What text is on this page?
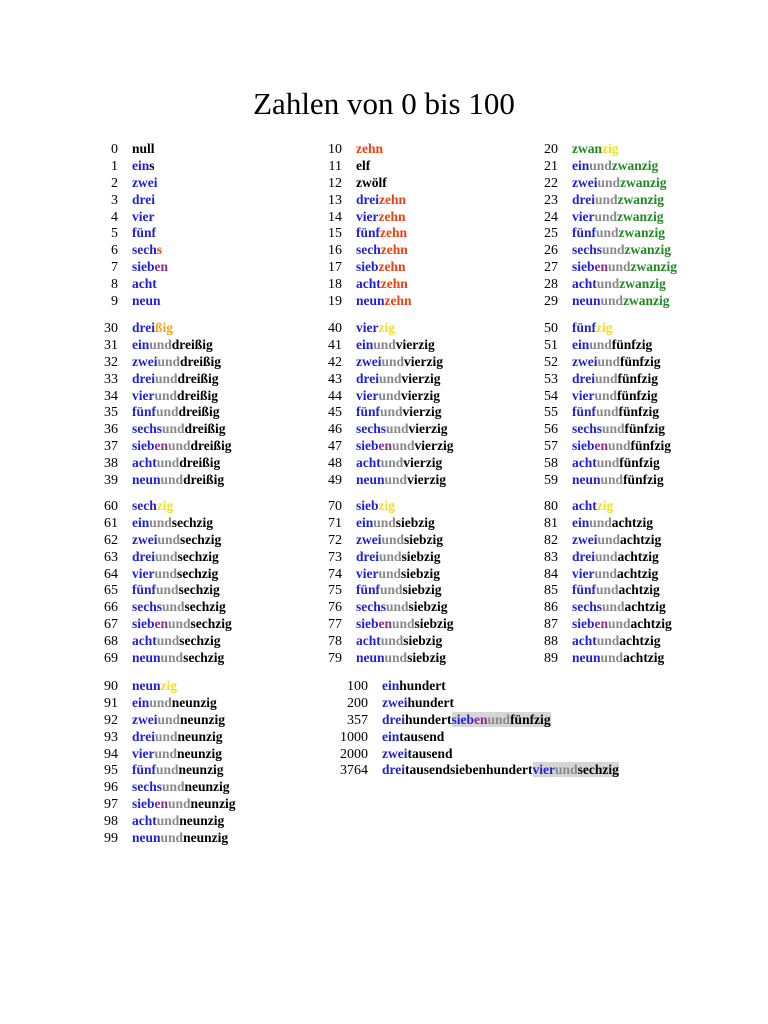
Zahlen von 0 bis 100
0 null
1 eins
2 zwei
3 drei
4 vier
5 fünf
6 sechs
7 sieben
8 acht
9 neun
10 zehn
11 elf
12 zwölf
13 dreizehn
14 vierzehn
15 fünfzehn
16 sechzehn
17 siebzehn
18 achtzehn
19 neunzehn
20 zwanzig
21 einundzwanzig
22 zweiundzwanzig
23 dreiundzwanzig
24 vierundzwanzig
25 fünfundzwanzig
26 sechsundzwanzig
27 siebenundzwanzig
28 achtundzwanzig
29 neunundzwanzig
30 dreißig
31 einunddreißig
32 zweiunddreißig
33 dreiunddreißig
34 vierunddreißig
35 fünfunddreißig
36 sechsunddreißig
37 siebenunddreißig
38 achtunddreißig
39 neununddreißig
40 vierzig
41 einundvierzig
42 zweiundvierzig
43 dreiundvierzig
44 vierundvierzig
45 fünfundvierzig
46 sechsundvierzig
47 siebenundvierzig
48 achtundvierzig
49 neunundvierzig
50 fünfzig
51 einundfünfzig
52 zweiundfünfzig
53 dreiundfünfzig
54 vierundfünfzig
55 fünfundfünfzig
56 sechsundfünfzig
57 siebenundfünfzig
58 achtundfünfzig
59 neunundfünfzig
60 sechzig
61 einundsechzig
62 zweiundsechzig
63 dreiundsechzig
64 vierundsechzig
65 fünfundsechzig
66 sechsundsechzig
67 siebenundsechzig
68 achtundsechzig
69 neunundsechzig
70 siebzig
71 einundsiebzig
72 zweiundsiebzig
73 dreiundsiebzig
74 vierundsiebzig
75 fünfundsiebzig
76 sechsundsiebzig
77 siebenundsiebzig
78 achtundsiebzig
79 neunundsiebzig
80 achtzig
81 einundachtzig
82 zweiundachtzig
83 dreiundachtzig
84 vierundachtzig
85 fünfundachtzig
86 sechsundachtzig
87 siebenundachtzig
88 achtundachtzig
89 neunundachtzig
90 neunzig
91 einundneunzig
92 zweiundneunzig
93 dreiundneunzig
94 vierundneunzig
95 fünfundneunzig
96 sechsundneunzig
97 siebenundneunzig
98 achtundneunzig
99 neunundneunzig
100 einhundert
200 zweihundert
357 dreihundertsiebenundfünfzig
1000 eintausend
2000 zweitausend
3764 dreitausendsiebenhundertvierundsechzig
